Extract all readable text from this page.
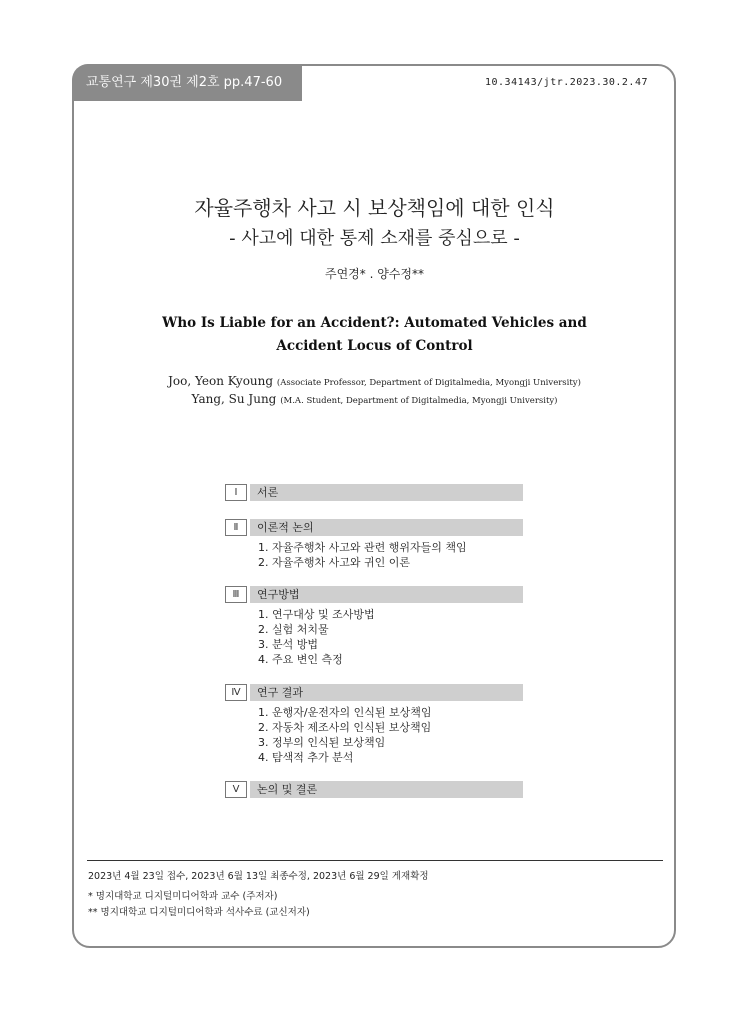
교통연구 제30권 제2호 pp.47-60	10.34143/jtr.2023.30.2.47
자율주행차 사고 시 보상책임에 대한 인식
- 사고에 대한 통제 소재를 중심으로 -
주연경* . 양수정**
Who Is Liable for an Accident?: Automated Vehicles and Accident Locus of Control
Joo, Yeon Kyoung (Associate Professor, Department of Digitalmedia, Myongji University)
Yang, Su Jung (M.A. Student, Department of Digitalmedia, Myongji University)
Ⅰ	서론
Ⅱ	이론적 논의
1. 자율주행차 사고와 관련 행위자들의 책임
2. 자율주행차 사고와 귀인 이론
Ⅲ	연구방법
1. 연구대상 및 조사방법
2. 실험 처치물
3. 분석 방법
4. 주요 변인 측정
Ⅳ	연구 결과
1. 운행자/운전자의 인식된 보상책임
2. 자동차 제조사의 인식된 보상책임
3. 정부의 인식된 보상책임
4. 탐색적 추가 분석
Ⅴ	논의 및 결론
2023년 4월 23일 접수, 2023년 6월 13일 최종수정, 2023년 6월 29일 게재확정
* 명지대학교 디지털미디어학과 교수 (주저자)
** 명지대학교 디지털미디어학과 석사수료 (교신저자)
